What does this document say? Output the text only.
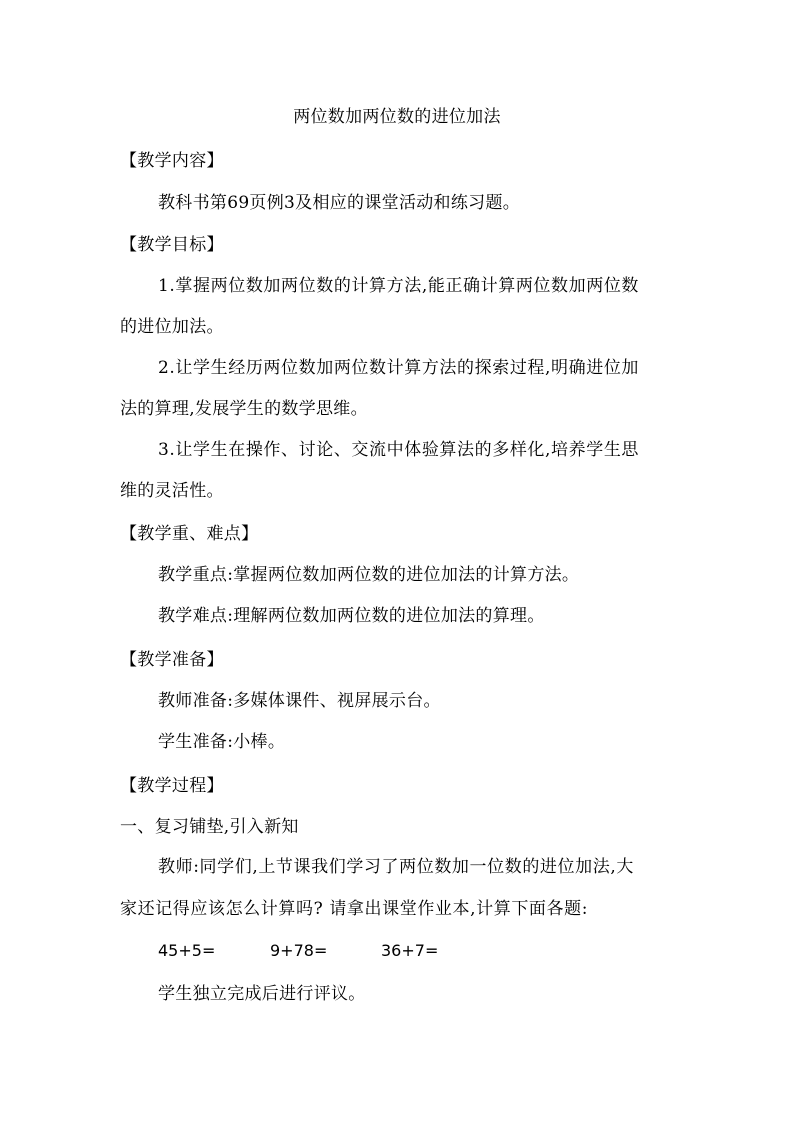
两位数加两位数的进位加法
【教学内容】
教科书第69页例3及相应的课堂活动和练习题。
【教学目标】
1.掌握两位数加两位数的计算方法,能正确计算两位数加两位数
的进位加法。
2.让学生经历两位数加两位数计算方法的探索过程,明确进位加
法的算理,发展学生的数学思维。
3.让学生在操作、讨论、交流中体验算法的多样化,培养学生思
维的灵活性。
【教学重、难点】
教学重点:掌握两位数加两位数的进位加法的计算方法。
教学难点:理解两位数加两位数的进位加法的算理。
【教学准备】
教师准备:多媒体课件、视屏展示台。
学生准备:小棒。
【教学过程】
一、复习铺垫,引入新知
教师:同学们,上节课我们学习了两位数加一位数的进位加法,大
家还记得应该怎么计算吗? 请拿出课堂作业本,计算下面各题:
45+5=	9+78=	36+7=
学生独立完成后进行评议。
